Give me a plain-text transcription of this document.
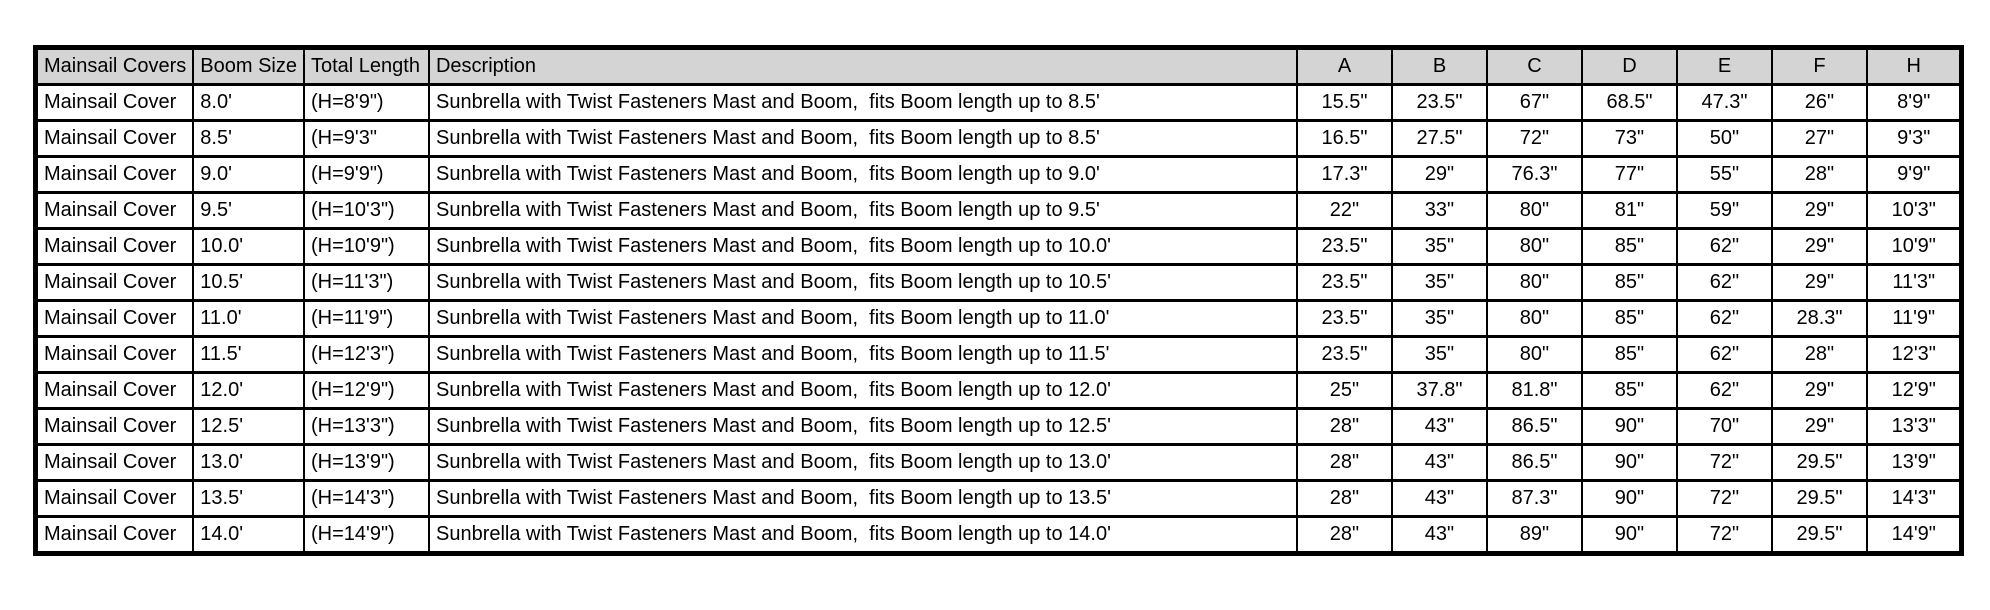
Mainsail Covers	Boom Size	Total Length	Description	A	B	C	D	E	F	H
Mainsail Cover	8.0'	(H=8'9")	Sunbrella with Twist Fasteners Mast and Boom,  fits Boom length up to 8.5'	15.5"	23.5"	67"	68.5"	47.3"	26"	8'9"
Mainsail Cover	8.5'	(H=9'3"	Sunbrella with Twist Fasteners Mast and Boom,  fits Boom length up to 8.5'	16.5"	27.5"	72"	73"	50"	27"	9'3"
Mainsail Cover	9.0'	(H=9'9")	Sunbrella with Twist Fasteners Mast and Boom,  fits Boom length up to 9.0'	17.3"	29"	76.3"	77"	55"	28"	9'9"
Mainsail Cover	9.5'	(H=10'3")	Sunbrella with Twist Fasteners Mast and Boom,  fits Boom length up to 9.5'	22"	33"	80"	81"	59"	29"	10'3"
Mainsail Cover	10.0'	(H=10'9")	Sunbrella with Twist Fasteners Mast and Boom,  fits Boom length up to 10.0'	23.5"	35"	80"	85"	62"	29"	10'9"
Mainsail Cover	10.5'	(H=11'3")	Sunbrella with Twist Fasteners Mast and Boom,  fits Boom length up to 10.5'	23.5"	35"	80"	85"	62"	29"	11'3"
Mainsail Cover	11.0'	(H=11'9")	Sunbrella with Twist Fasteners Mast and Boom,  fits Boom length up to 11.0'	23.5"	35"	80"	85"	62"	28.3"	11'9"
Mainsail Cover	11.5'	(H=12'3")	Sunbrella with Twist Fasteners Mast and Boom,  fits Boom length up to 11.5'	23.5"	35"	80"	85"	62"	28"	12'3"
Mainsail Cover	12.0'	(H=12'9")	Sunbrella with Twist Fasteners Mast and Boom,  fits Boom length up to 12.0'	25"	37.8"	81.8"	85"	62"	29"	12'9"
Mainsail Cover	12.5'	(H=13'3")	Sunbrella with Twist Fasteners Mast and Boom,  fits Boom length up to 12.5'	28"	43"	86.5"	90"	70"	29"	13'3"
Mainsail Cover	13.0'	(H=13'9")	Sunbrella with Twist Fasteners Mast and Boom,  fits Boom length up to 13.0'	28"	43"	86.5"	90"	72"	29.5"	13'9"
Mainsail Cover	13.5'	(H=14'3")	Sunbrella with Twist Fasteners Mast and Boom,  fits Boom length up to 13.5'	28"	43"	87.3"	90"	72"	29.5"	14'3"
Mainsail Cover	14.0'	(H=14'9")	Sunbrella with Twist Fasteners Mast and Boom,  fits Boom length up to 14.0'	28"	43"	89"	90"	72"	29.5"	14'9"
